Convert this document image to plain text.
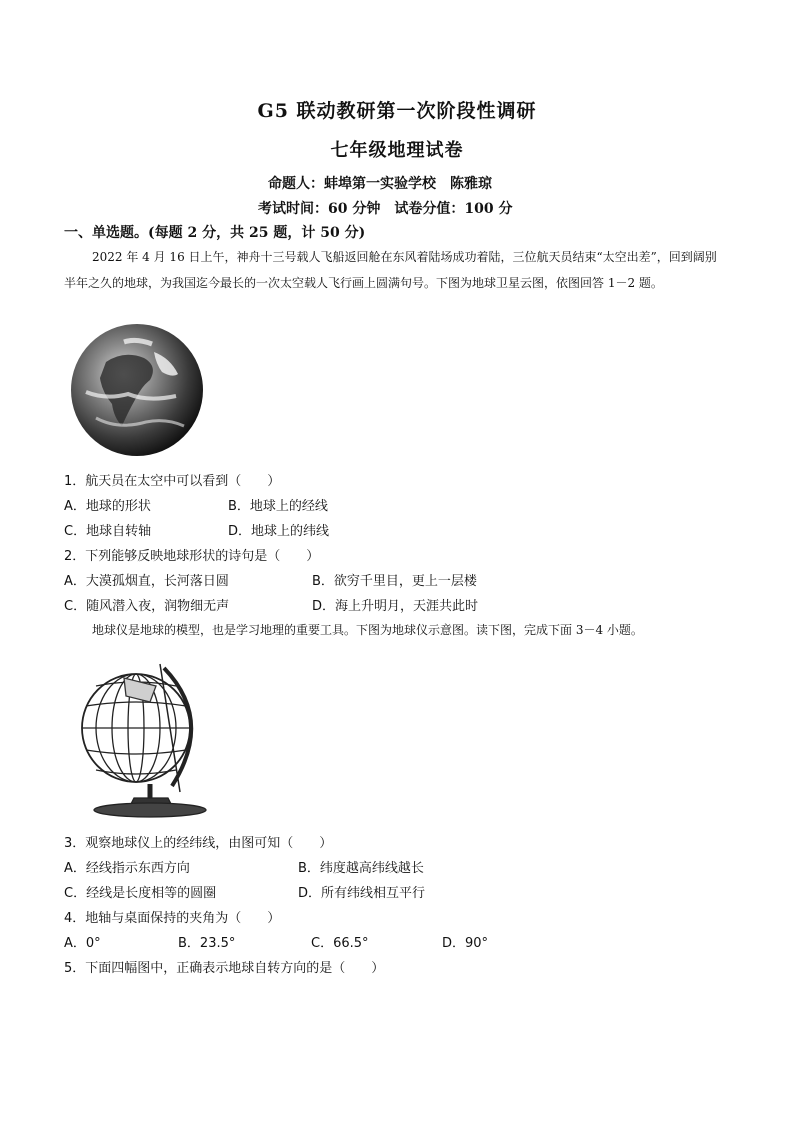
G5 联动教研第一次阶段性调研
七年级地理试卷
命题人：蚌埠第一实验学校　陈雅琼
考试时间：60 分钟　试卷分值：100 分
一、单选题。(每题 2 分，共 25 题，计 50 分)
2022 年 4 月 16 日上午，神舟十三号载人飞船返回舱在东风着陆场成功着陆，三位航天员结束“太空出差”，回到阔别半年之久的地球，为我国迄今最长的一次太空载人飞行画上圆满句号。下图为地球卫星云图，依图回答 1－2 题。
1．航天员在太空中可以看到（　　）
A．地球的形状	B．地球上的经线
C．地球自转轴	D．地球上的纬线
2．下列能够反映地球形状的诗句是（　　）
A．大漠孤烟直，长河落日圆	B．欲穷千里目，更上一层楼
C．随风潜入夜，润物细无声	D．海上升明月，天涯共此时
地球仪是地球的模型，也是学习地理的重要工具。下图为地球仪示意图。读下图，完成下面 3－4 小题。
3．观察地球仪上的经纬线，由图可知（　　）
A．经线指示东西方向	B．纬度越高纬线越长
C．经线是长度相等的圆圈	D．所有纬线相互平行
4．地轴与桌面保持的夹角为（　　）
A．0°	B．23.5°	C．66.5°	D．90°
5．下面四幅图中，正确表示地球自转方向的是（　　）
